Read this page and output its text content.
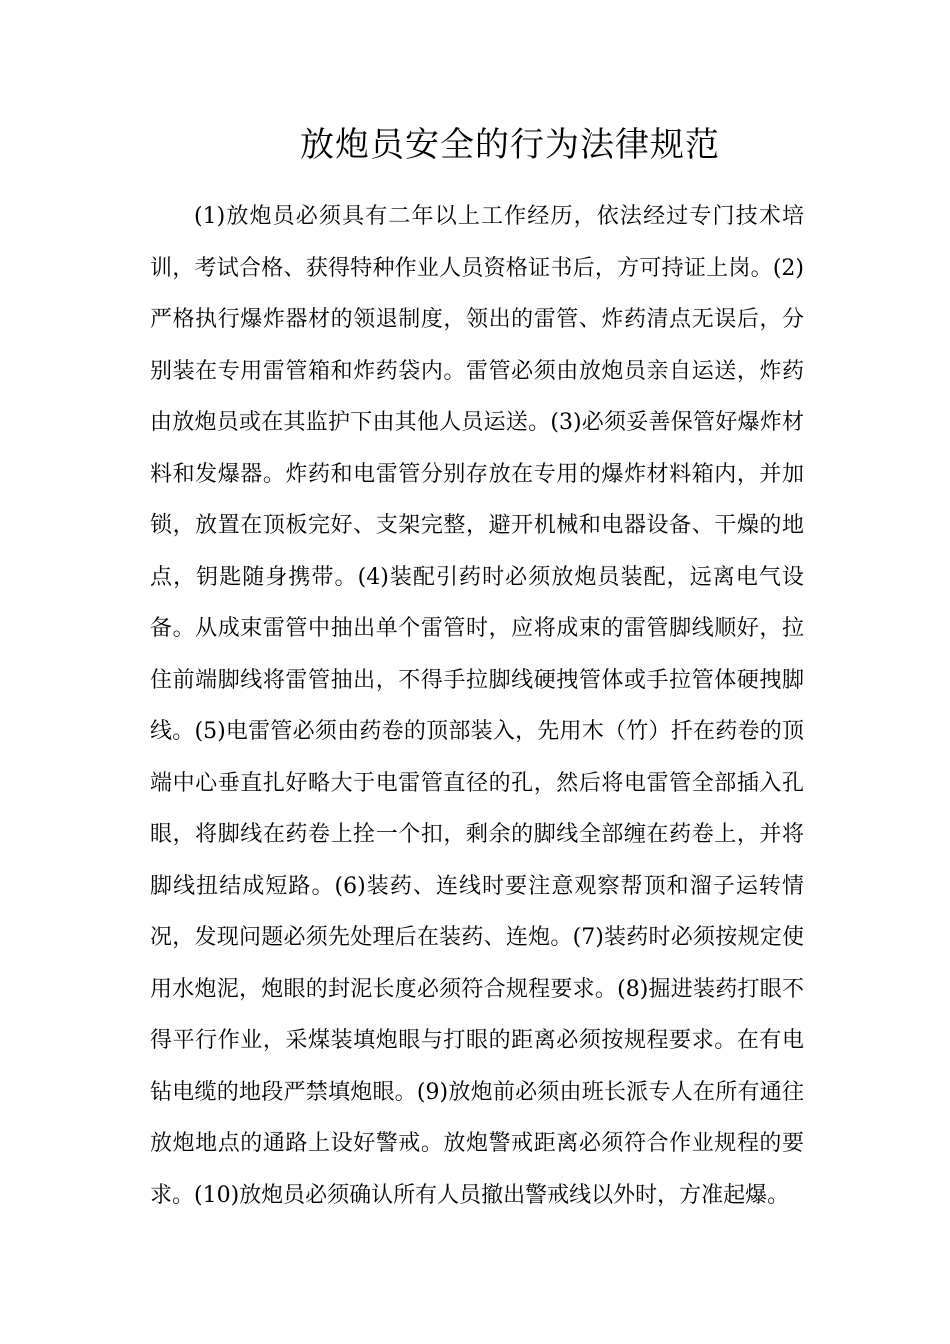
放炮员安全的行为法律规范

(1)放炮员必须具有二年以上工作经历，依法经过专门技术培训，考试合格、获得特种作业人员资格证书后，方可持证上岗。(2)严格执行爆炸器材的领退制度，领出的雷管、炸药清点无误后，分别装在专用雷管箱和炸药袋内。雷管必须由放炮员亲自运送，炸药由放炮员或在其监护下由其他人员运送。(3)必须妥善保管好爆炸材料和发爆器。炸药和电雷管分别存放在专用的爆炸材料箱内，并加锁，放置在顶板完好、支架完整，避开机械和电器设备、干燥的地点，钥匙随身携带。(4)装配引药时必须放炮员装配，远离电气设备。从成束雷管中抽出单个雷管时，应将成束的雷管脚线顺好，拉住前端脚线将雷管抽出，不得手拉脚线硬拽管体或手拉管体硬拽脚线。(5)电雷管必须由药卷的顶部装入，先用木（竹）扦在药卷的顶端中心垂直扎好略大于电雷管直径的孔，然后将电雷管全部插入孔眼，将脚线在药卷上拴一个扣，剩余的脚线全部缠在药卷上，并将脚线扭结成短路。(6)装药、连线时要注意观察帮顶和溜子运转情况，发现问题必须先处理后在装药、连炮。(7)装药时必须按规定使用水炮泥，炮眼的封泥长度必须符合规程要求。(8)掘进装药打眼不得平行作业，采煤装填炮眼与打眼的距离必须按规程要求。在有电钻电缆的地段严禁填炮眼。(9)放炮前必须由班长派专人在所有通往放炮地点的通路上设好警戒。放炮警戒距离必须符合作业规程的要求。(10)放炮员必须确认所有人员撤出警戒线以外时，方准起爆。
